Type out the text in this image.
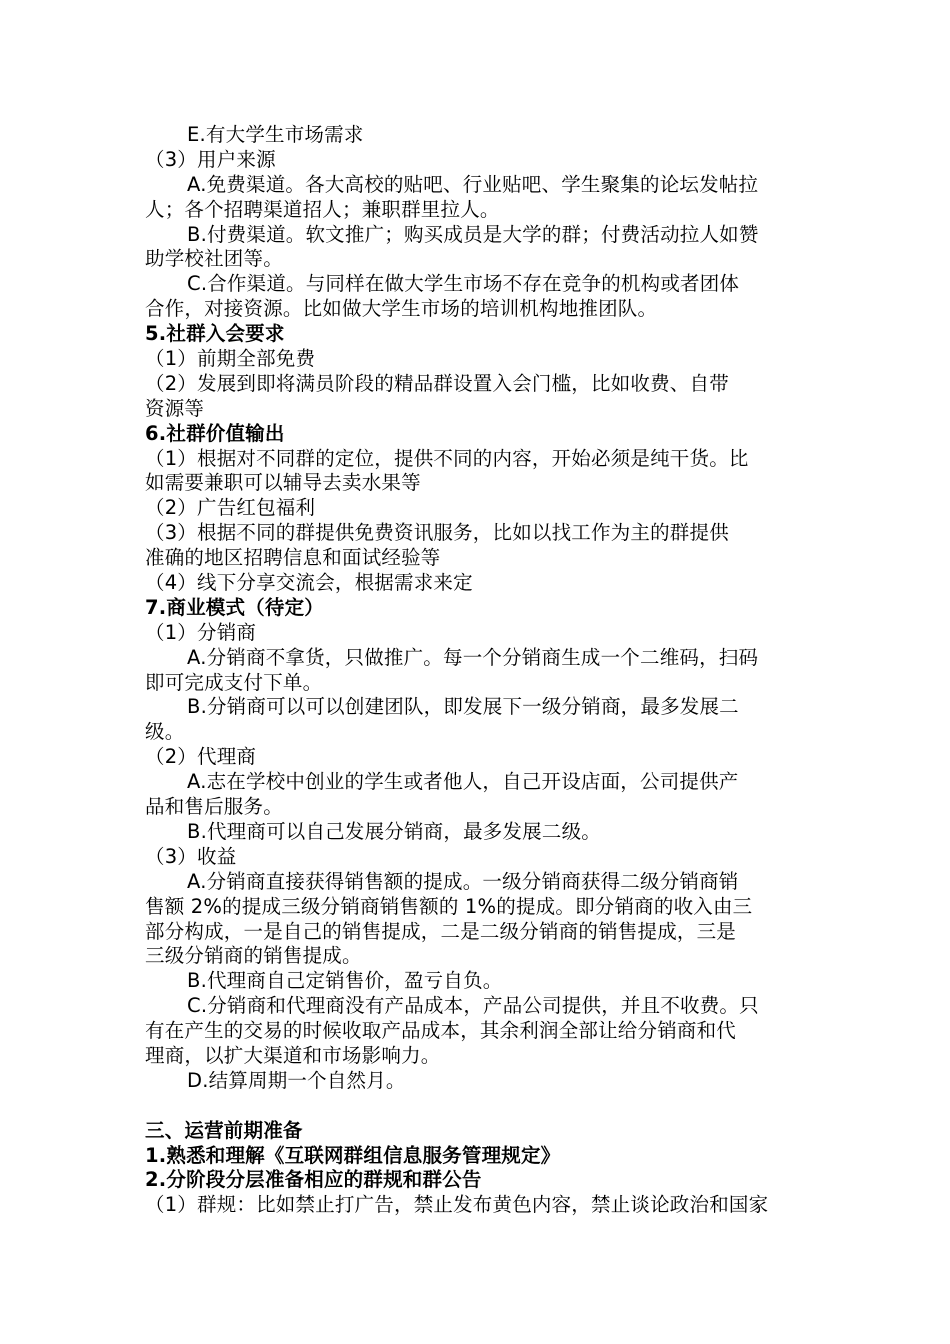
E.有大学生市场需求
（3）用户来源
A.免费渠道。各大高校的贴吧、行业贴吧、学生聚集的论坛发帖拉
人；各个招聘渠道招人；兼职群里拉人。
B.付费渠道。软文推广；购买成员是大学的群；付费活动拉人如赞
助学校社团等。
C.合作渠道。与同样在做大学生市场不存在竞争的机构或者团体
合作，对接资源。比如做大学生市场的培训机构地推团队。
5.社群入会要求
（1）前期全部免费
（2）发展到即将满员阶段的精品群设置入会门槛，比如收费、自带
资源等
6.社群价值输出
（1）根据对不同群的定位，提供不同的内容，开始必须是纯干货。比
如需要兼职可以辅导去卖水果等
（2）广告红包福利
（3）根据不同的群提供免费资讯服务，比如以找工作为主的群提供
准确的地区招聘信息和面试经验等
（4）线下分享交流会，根据需求来定
7.商业模式（待定）
（1）分销商
A.分销商不拿货，只做推广。每一个分销商生成一个二维码，扫码
即可完成支付下单。
B.分销商可以可以创建团队，即发展下一级分销商，最多发展二
级。
（2）代理商
A.志在学校中创业的学生或者他人，自己开设店面，公司提供产
品和售后服务。
B.代理商可以自己发展分销商，最多发展二级。
（3）收益
A.分销商直接获得销售额的提成。一级分销商获得二级分销商销
售额 2%的提成三级分销商销售额的 1%的提成。即分销商的收入由三
部分构成，一是自己的销售提成，二是二级分销商的销售提成，三是
三级分销商的销售提成。
B.代理商自己定销售价，盈亏自负。
C.分销商和代理商没有产品成本，产品公司提供，并且不收费。只
有在产生的交易的时候收取产品成本，其余利润全部让给分销商和代
理商，以扩大渠道和市场影响力。
D.结算周期一个自然月。
三、运营前期准备
1.熟悉和理解《互联网群组信息服务管理规定》
2.分阶段分层准备相应的群规和群公告
（1）群规：比如禁止打广告，禁止发布黄色内容，禁止谈论政治和国家
